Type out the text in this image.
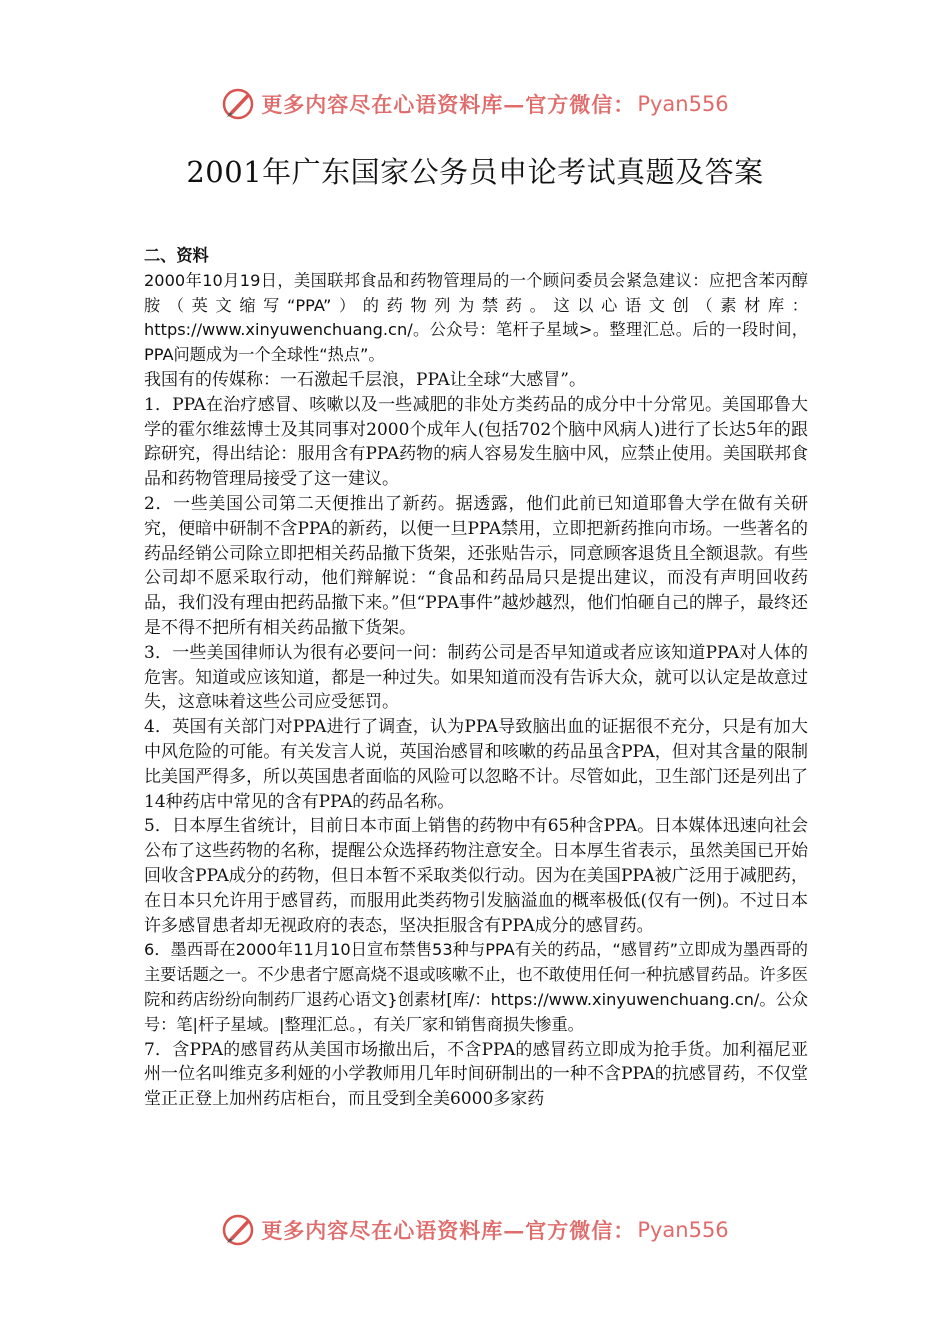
更多内容尽在心语资料库—官方微信： Pyan556
2001年广东国家公务员申论考试真题及答案

二、资料

2000年10月19日，美国联邦食品和药物管理局的一个顾问委员会紧急建议：应把含苯丙醇胺（英文缩写“PPA”）的药物列为禁药。这以心语文创（素材库：https://www.xinyuwenchuang.cn/。公众号：笔杆子星域>。整理汇总。后的一段时间，PPA问题成为一个全球性“热点”。

我国有的传媒称：一石激起千层浪，PPA让全球“大感冒”。

1．PPA在治疗感冒、咳嗽以及一些减肥的非处方类药品的成分中十分常见。美国耶鲁大学的霍尔维兹博士及其同事对2000个成年人(包括702个脑中风病人)进行了长达5年的跟踪研究，得出结论：服用含有PPA药物的病人容易发生脑中风，应禁止使用。美国联邦食品和药物管理局接受了这一建议。

2．一些美国公司第二天便推出了新药。据透露，他们此前已知道耶鲁大学在做有关研究，便暗中研制不含PPA的新药，以便一旦PPA禁用，立即把新药推向市场。一些著名的药品经销公司除立即把相关药品撤下货架，还张贴告示，同意顾客退货且全额退款。有些公司却不愿采取行动，他们辩解说：“食品和药品局只是提出建议，而没有声明回收药品，我们没有理由把药品撤下来。”但“PPA事件”越炒越烈，他们怕砸自己的牌子，最终还是不得不把所有相关药品撤下货架。

3．一些美国律师认为很有必要问一问：制药公司是否早知道或者应该知道PPA对人体的危害。知道或应该知道，都是一种过失。如果知道而没有告诉大众，就可以认定是故意过失，这意味着这些公司应受惩罚。

4．英国有关部门对PPA进行了调查，认为PPA导致脑出血的证据很不充分，只是有加大中风危险的可能。有关发言人说，英国治感冒和咳嗽的药品虽含PPA，但对其含量的限制比美国严得多，所以英国患者面临的风险可以忽略不计。尽管如此，卫生部门还是列出了14种药店中常见的含有PPA的药品名称。

5．日本厚生省统计，目前日本市面上销售的药物中有65种含PPA。日本媒体迅速向社会公布了这些药物的名称，提醒公众选择药物注意安全。日本厚生省表示，虽然美国已开始回收含PPA成分的药物，但日本暂不采取类似行动。因为在美国PPA被广泛用于减肥药，在日本只允许用于感冒药，而服用此类药物引发脑溢血的概率极低(仅有一例)。不过日本许多感冒患者却无视政府的表态，坚决拒服含有PPA成分的感冒药。

6．墨西哥在2000年11月10日宣布禁售53种与PPA有关的药品，“感冒药”立即成为墨西哥的主要话题之一。不少患者宁愿高烧不退或咳嗽不止，也不敢使用任何一种抗感冒药品。许多医院和药店纷纷向制药厂退药心语文}创素材[库/：https://www.xinyuwenchuang.cn/。公众号：笔|杆子星域。|整理汇总。，有关厂家和销售商损失惨重。

7．含PPA的感冒药从美国市场撤出后，不含PPA的感冒药立即成为抢手货。加利福尼亚州一位名叫维克多利娅的小学教师用几年时间研制出的一种不含PPA的抗感冒药，不仅堂堂正正登上加州药店柜台，而且受到全美6000多家药

更多内容尽在心语资料库—官方微信： Pyan556
